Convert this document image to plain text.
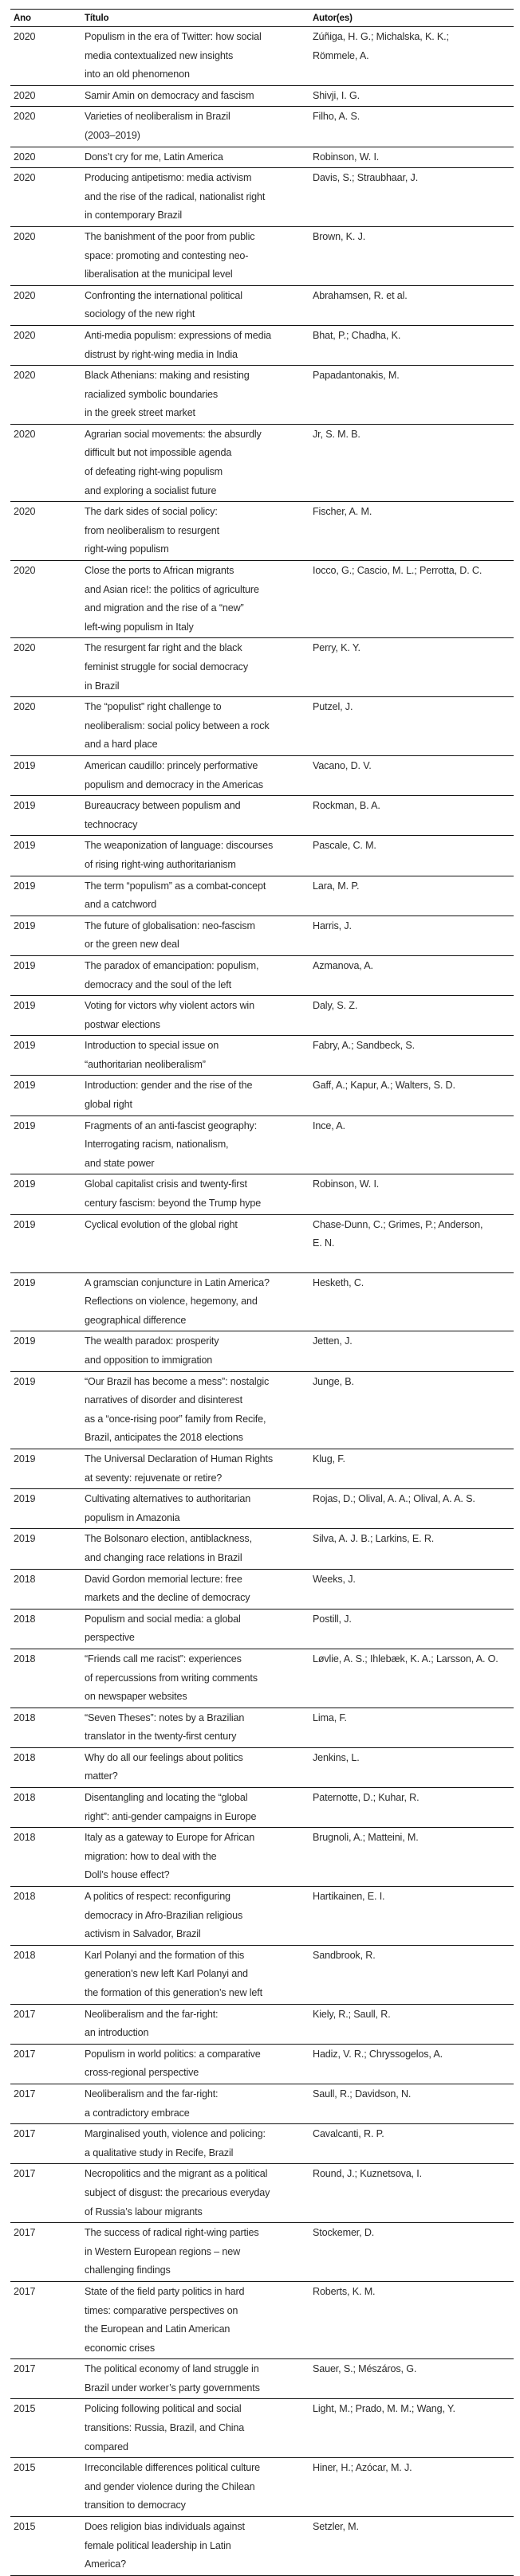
Ano	Título	Autor(es)
2020	Populism in the era of Twitter: how social
media contextualized new insights
into an old phenomenon	Zúñiga, H. G.; Michalska, K. K.;
Römmele, A.

2020	Samir Amin on democracy and fascism	Shivji, I. G.

2020	Varieties of neoliberalism in Brazil
(2003–2019)	Filho, A. S.

2020	Dons’t cry for me, Latin America	Robinson, W. I.

2020	Producing antipetismo: media activism
and the rise of the radical, nationalist right
in contemporary Brazil	Davis, S.; Straubhaar, J.

2020	The banishment of the poor from public
space: promoting and contesting neo-
liberalisation at the municipal level	Brown, K. J.

2020	Confronting the international political
sociology of the new right	Abrahamsen, R. et al.

2020	Anti-media populism: expressions of media
distrust by right-wing media in India	Bhat, P.; Chadha, K.

2020	Black Athenians: making and resisting
racialized symbolic boundaries
in the greek street market	Papadantonakis, M.

2020	Agrarian social movements: the absurdly
difficult but not impossible agenda
of defeating right-wing populism
and exploring a socialist future	Jr, S. M. B.

2020	The dark sides of social policy:
from neoliberalism to resurgent
right-wing populism	Fischer, A. M.

2020	Close the ports to African migrants
and Asian rice!: the politics of agriculture
and migration and the rise of a “new”
left-wing populism in Italy	Iocco, G.; Cascio, M. L.; Perrotta, D. C.

2020	The resurgent far right and the black
feminist struggle for social democracy
in Brazil	Perry, K. Y.

2020	The “populist” right challenge to
neoliberalism: social policy between a rock
and a hard place	Putzel, J.

2019	American caudillo: princely performative
populism and democracy in the Americas	Vacano, D. V.

2019	Bureaucracy between populism and
technocracy	Rockman, B. A.

2019	The weaponization of language: discourses
of rising right-wing authoritarianism	Pascale, C. M.

2019	The term “populism” as a combat-concept
and a catchword	Lara, M. P.

2019	The future of globalisation: neo-fascism
or the green new deal	Harris, J.

2019	The paradox of emancipation: populism,
democracy and the soul of the left	Azmanova, A.

2019	Voting for victors why violent actors win
postwar elections	Daly, S. Z.

2019	Introduction to special issue on
“authoritarian neoliberalism”	Fabry, A.; Sandbeck, S.

2019	Introduction: gender and the rise of the
global right	Gaff, A.; Kapur, A.; Walters, S. D.

2019	Fragments of an anti-fascist geography:
Interrogating racism, nationalism,
and state power	Ince, A.

2019	Global capitalist crisis and twenty-first
century fascism: beyond the Trump hype	Robinson, W. I.

2019	Cyclical evolution of the global right	Chase-Dunn, C.; Grimes, P.; Anderson,
E. N.

2019	A gramscian conjuncture in Latin America?
Reflections on violence, hegemony, and
geographical difference	Hesketh, C.

2019	The wealth paradox: prosperity
and opposition to immigration	Jetten, J.

2019	“Our Brazil has become a mess”: nostalgic
narratives of disorder and disinterest
as a “once-rising poor” family from Recife,
Brazil, anticipates the 2018 elections	Junge, B.

2019	The Universal Declaration of Human Rights
at seventy: rejuvenate or retire?	Klug, F.

2019	Cultivating alternatives to authoritarian
populism in Amazonia	Rojas, D.; Olival, A. A.; Olival, A. A. S.

2019	The Bolsonaro election, antiblackness,
and changing race relations in Brazil	Silva, A. J. B.; Larkins, E. R.

2018	David Gordon memorial lecture: free
markets and the decline of democracy	Weeks, J.

2018	Populism and social media: a global
perspective	Postill, J.

2018	“Friends call me racist”: experiences
of repercussions from writing comments
on newspaper websites	Løvlie, A. S.; Ihlebæk, K. A.; Larsson, A. O.

2018	“Seven Theses”: notes by a Brazilian
translator in the twenty-first century	Lima, F.

2018	Why do all our feelings about politics
matter?	Jenkins, L.

2018	Disentangling and locating the “global
right”: anti-gender campaigns in Europe	Paternotte, D.; Kuhar, R.

2018	Italy as a gateway to Europe for African
migration: how to deal with the
Doll’s house effect?	Brugnoli, A.; Matteini, M.

2018	A politics of respect: reconfiguring
democracy in Afro-Brazilian religious
activism in Salvador, Brazil	Hartikainen, E. I.

2018	Karl Polanyi and the formation of this
generation’s new left Karl Polanyi and
the formation of this generation’s new left	Sandbrook, R.

2017	Neoliberalism and the far-right:
an introduction	Kiely, R.; Saull, R.

2017	Populism in world politics: a comparative
cross-regional perspective	Hadiz, V. R.; Chryssogelos, A.

2017	Neoliberalism and the far-right:
a contradictory embrace	Saull, R.; Davidson, N.

2017	Marginalised youth, violence and policing:
a qualitative study in Recife, Brazil	Cavalcanti, R. P.

2017	Necropolitics and the migrant as a political
subject of disgust: the precarious everyday
of Russia’s labour migrants	Round, J.; Kuznetsova, I.

2017	The success of radical right-wing parties
in Western European regions – new
challenging findings	Stockemer, D.

2017	State of the field party politics in hard
times: comparative perspectives on
the European and Latin American
economic crises	Roberts, K. M.

2017	The political economy of land struggle in
Brazil under worker’s party governments	Sauer, S.; Mészáros, G.

2015	Policing following political and social
transitions: Russia, Brazil, and China
compared	Light, M.; Prado, M. M.; Wang, Y.

2015	Irreconcilable differences political culture
and gender violence during the Chilean
transition to democracy	Hiner, H.; Azócar, M. J.

2015	Does religion bias individuals against
female political leadership in Latin
America?	Setzler, M.
